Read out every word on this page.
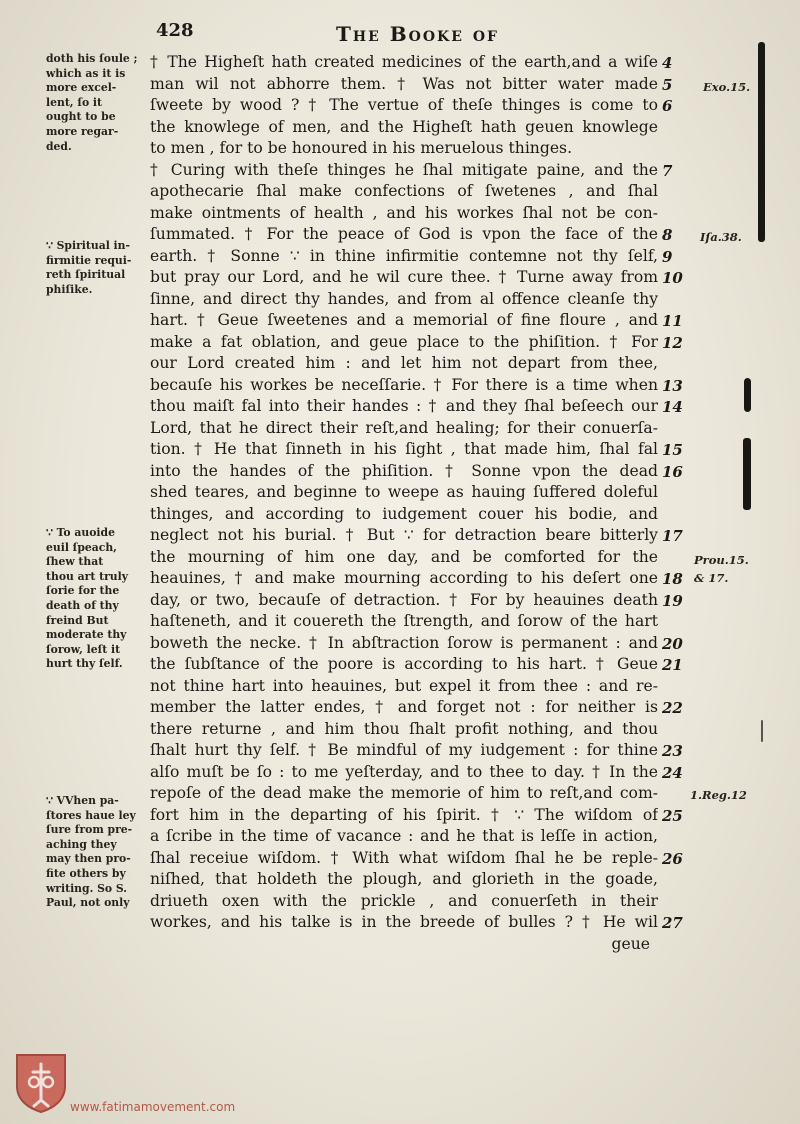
428	The Booke of
doth his ſoule ;
which as it is
more excel-
lent, ſo it
ought to be
more regar-
ded.
∵ Spiritual in-
firmitie requi-
reth ſpiritual
phiſike.
∵ To auoide
euil ſpeach,
ſhew that
thou art truly
ſorie for the
death of thy
freind But
moderate thy
ſorow, leſt it
hurt thy ſelf.
∵ VVhen pa-
ſtores haue ley
ſure from pre-
aching they
may then pro-
fite others by
writing. So S.
Paul, not only
† The Higheſt hath created medicines of the earth,and a wiſe
man wil not abhorre them. † Was not bitter water made
ſweete by wood ? † The vertue of theſe thinges is come to
the knowlege of men, and the Higheſt hath geuen knowlege
to men , for to be honoured in his meruelous thinges.
† Curing with theſe thinges he ſhal mitigate paine, and the
apothecarie ſhal make confections of ſwetenes , and ſhal
make ointments of health , and his workes ſhal not be con-
ſummated. † For the peace of God is vpon the face of the
earth. † Sonne ∵ in thine infirmitie contemne not thy ſelf,
but pray our Lord, and he wil cure thee. † Turne away from
ſinne, and direct thy handes, and from al offence cleanſe thy
hart. † Geue ſweetenes and a memorial of fine floure , and
make a fat oblation, and geue place to the phiſition. † For
our Lord created him : and let him not depart from thee,
becauſe his workes be neceſſarie. † For there is a time when
thou maiſt fal into their handes : † and they ſhal beſeech our
Lord, that he direct their reſt,and healing; for their conuerſa-
tion. † He that ſinneth in his ſight , that made him, ſhal fal
into the handes of the phiſition. † Sonne vpon the dead
shed teares, and beginne to weepe as hauing ſuffered doleful
thinges, and according to iudgement couer his bodie, and
neglect not his burial. † But ∵ for detraction beare bitterly
the mourning of him one day, and be comforted for the
heauines, † and make mourning according to his deſert one
day, or two, becauſe of detraction. † For by heauines death
haſteneth, and it couereth the ſtrength, and ſorow of the hart
boweth the necke. † In abſtraction ſorow is permanent : and
the ſubſtance of the poore is according to his hart. † Geue
not thine hart into heauines, but expel it from thee : and re-
member the latter endes, † and forget not : for neither is
there returne , and him thou ſhalt profit nothing, and thou
ſhalt hurt thy ſelf. † Be mindful of my iudgement : for thine
alſo muſt be ſo : to me yeſterday, and to thee to day. † In the
repoſe of the dead make the memorie of him to reſt,and com-
fort him in the departing of his ſpirit. † ∵ The wiſdom of
a ſcribe in the time of vacance : and he that is leſſe in action,
ſhal receiue wiſdom. † With what wiſdom ſhal he be reple-
niſhed, that holdeth the plough, and glorieth in the goade,
driueth oxen with the prickle , and conuerſeth in their
workes, and his talke is in the breede of bulles ? † He wil
geue
4
5
6
7
8
9
10
11
12
13
14
15
16
17
18
19
20
21
22
23
24
25
26
27
Exo.15.
Iſa.38.
Prou.15.
& 17.
1.Reg.12
www.fatimamovement.com
